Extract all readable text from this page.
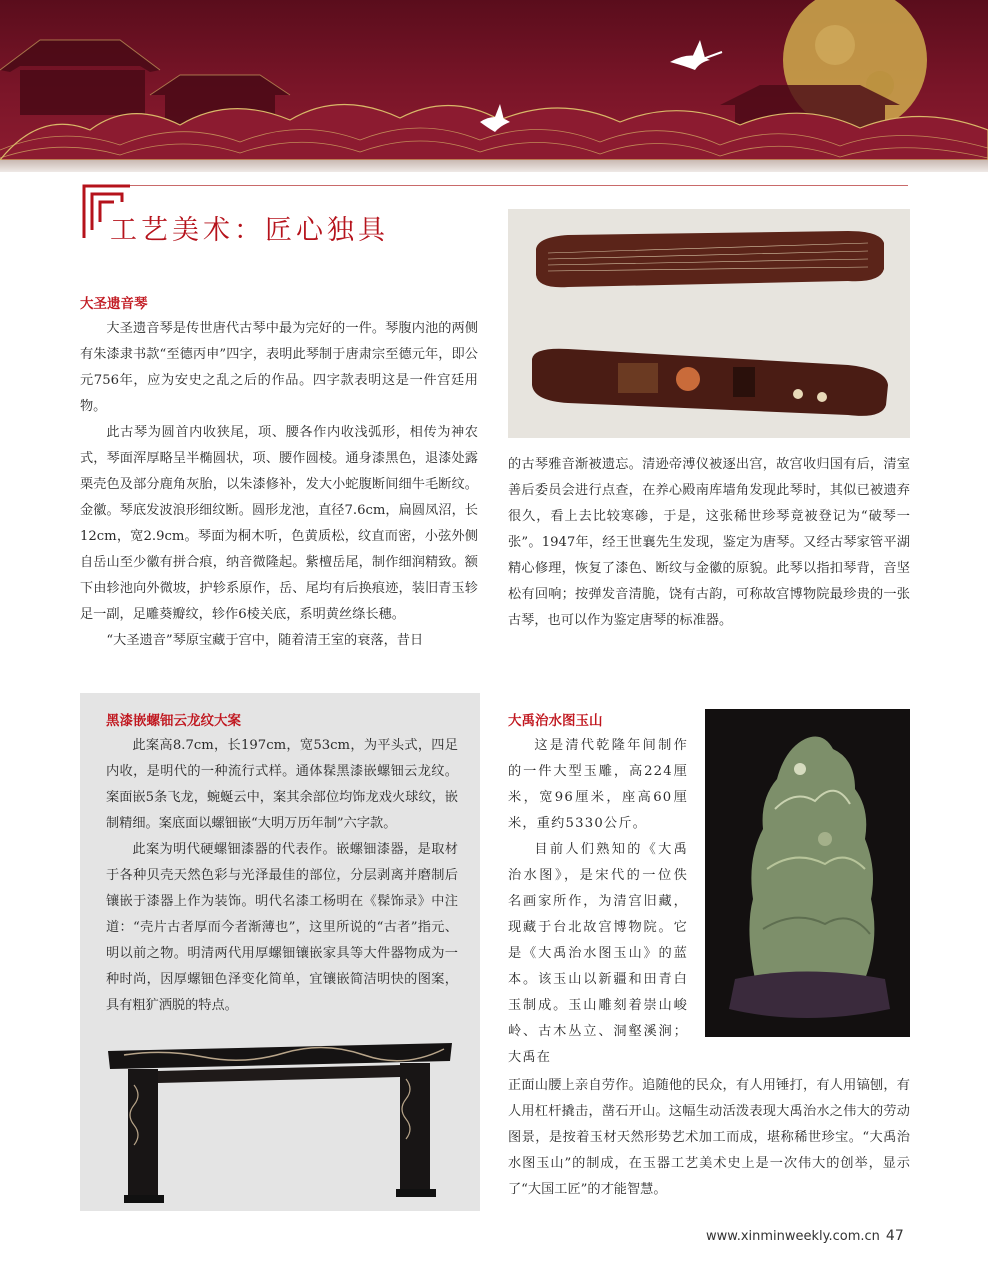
工艺美术：匠心独具
大圣遗音琴

大圣遗音琴是传世唐代古琴中最为完好的一件。琴腹内池的两侧有朱漆隶书款“至德丙申”四字，表明此琴制于唐肃宗至德元年，即公元756年，应为安史之乱之后的作品。四字款表明这是一件宫廷用物。

此古琴为圆首内收狭尾，项、腰各作内收浅弧形，相传为神农式，琴面浑厚略呈半椭圆状，项、腰作圆棱。通身漆黑色，退漆处露栗壳色及部分鹿角灰胎，以朱漆修补，发大小蛇腹断间细牛毛断纹。金徽。琴底发波浪形细纹断。圆形龙池，直径7.6cm，扁圆凤沼，长12cm，宽2.9cm。琴面为桐木听，色黄质松，纹直而密，小弦外侧自岳山至少徽有拼合痕，纳音微隆起。紫檀岳尾，制作细润精致。额下由轸池向外微坡，护轸系原作，岳、尾均有后换痕迹，装旧青玉轸足一副，足雕葵瓣纹，轸作6棱关底，系明黄丝绦长穗。

“大圣遗音”琴原宝藏于宫中，随着清王室的衰落，昔日

的古琴雅音渐被遗忘。清逊帝溥仪被逐出宫，故宫收归国有后，清室善后委员会进行点查，在养心殿南库墙角发现此琴时，其似已被遗弃很久，看上去比较寒碜，于是，这张稀世珍琴竟被登记为“破琴一张”。1947年，经王世襄先生发现，鉴定为唐琴。又经古琴家管平湖精心修理，恢复了漆色、断纹与金徽的原貌。此琴以指扣琴背，音坚松有回响；按弹发音清脆，饶有古韵，可称故宫博物院最珍贵的一张古琴，也可以作为鉴定唐琴的标准器。

黑漆嵌螺钿云龙纹大案

此案高8.7cm，长197cm，宽53cm，为平头式，四足内收，是明代的一种流行式样。通体髹黑漆嵌螺钿云龙纹。案面嵌5条飞龙，蜿蜒云中，案其余部位均饰龙戏火球纹，嵌制精细。案底面以螺钿嵌“大明万历年制”六字款。

此案为明代硬螺钿漆器的代表作。嵌螺钿漆器，是取材于各种贝壳天然色彩与光泽最佳的部位，分层剥离并磨制后镶嵌于漆器上作为装饰。明代名漆工杨明在《髹饰录》中注道：“壳片古者厚而今者渐薄也”，这里所说的“古者”指元、明以前之物。明清两代用厚螺钿镶嵌家具等大件器物成为一种时尚，因厚螺钿色泽变化简单，宜镶嵌简洁明快的图案，具有粗犷洒脱的特点。

大禹治水图玉山

这是清代乾隆年间制作的一件大型玉雕，高224厘米，宽96厘米，座高60厘米，重约5330公斤。

目前人们熟知的《大禹治水图》，是宋代的一位佚名画家所作，为清宫旧藏，现藏于台北故宫博物院。它是《大禹治水图玉山》的蓝本。该玉山以新疆和田青白玉制成。玉山雕刻着崇山峻岭、古木丛立、洞壑溪涧；大禹在

正面山腰上亲自劳作。追随他的民众，有人用锤打，有人用镐刨，有人用杠杆撬击，凿石开山。这幅生动活泼表现大禹治水之伟大的劳动图景，是按着玉材天然形势艺术加工而成，堪称稀世珍宝。“大禹治水图玉山”的制成，在玉器工艺美术史上是一次伟大的创举，显示了“大国工匠”的才能智慧。

www.xinminweekly.com.cn 47
